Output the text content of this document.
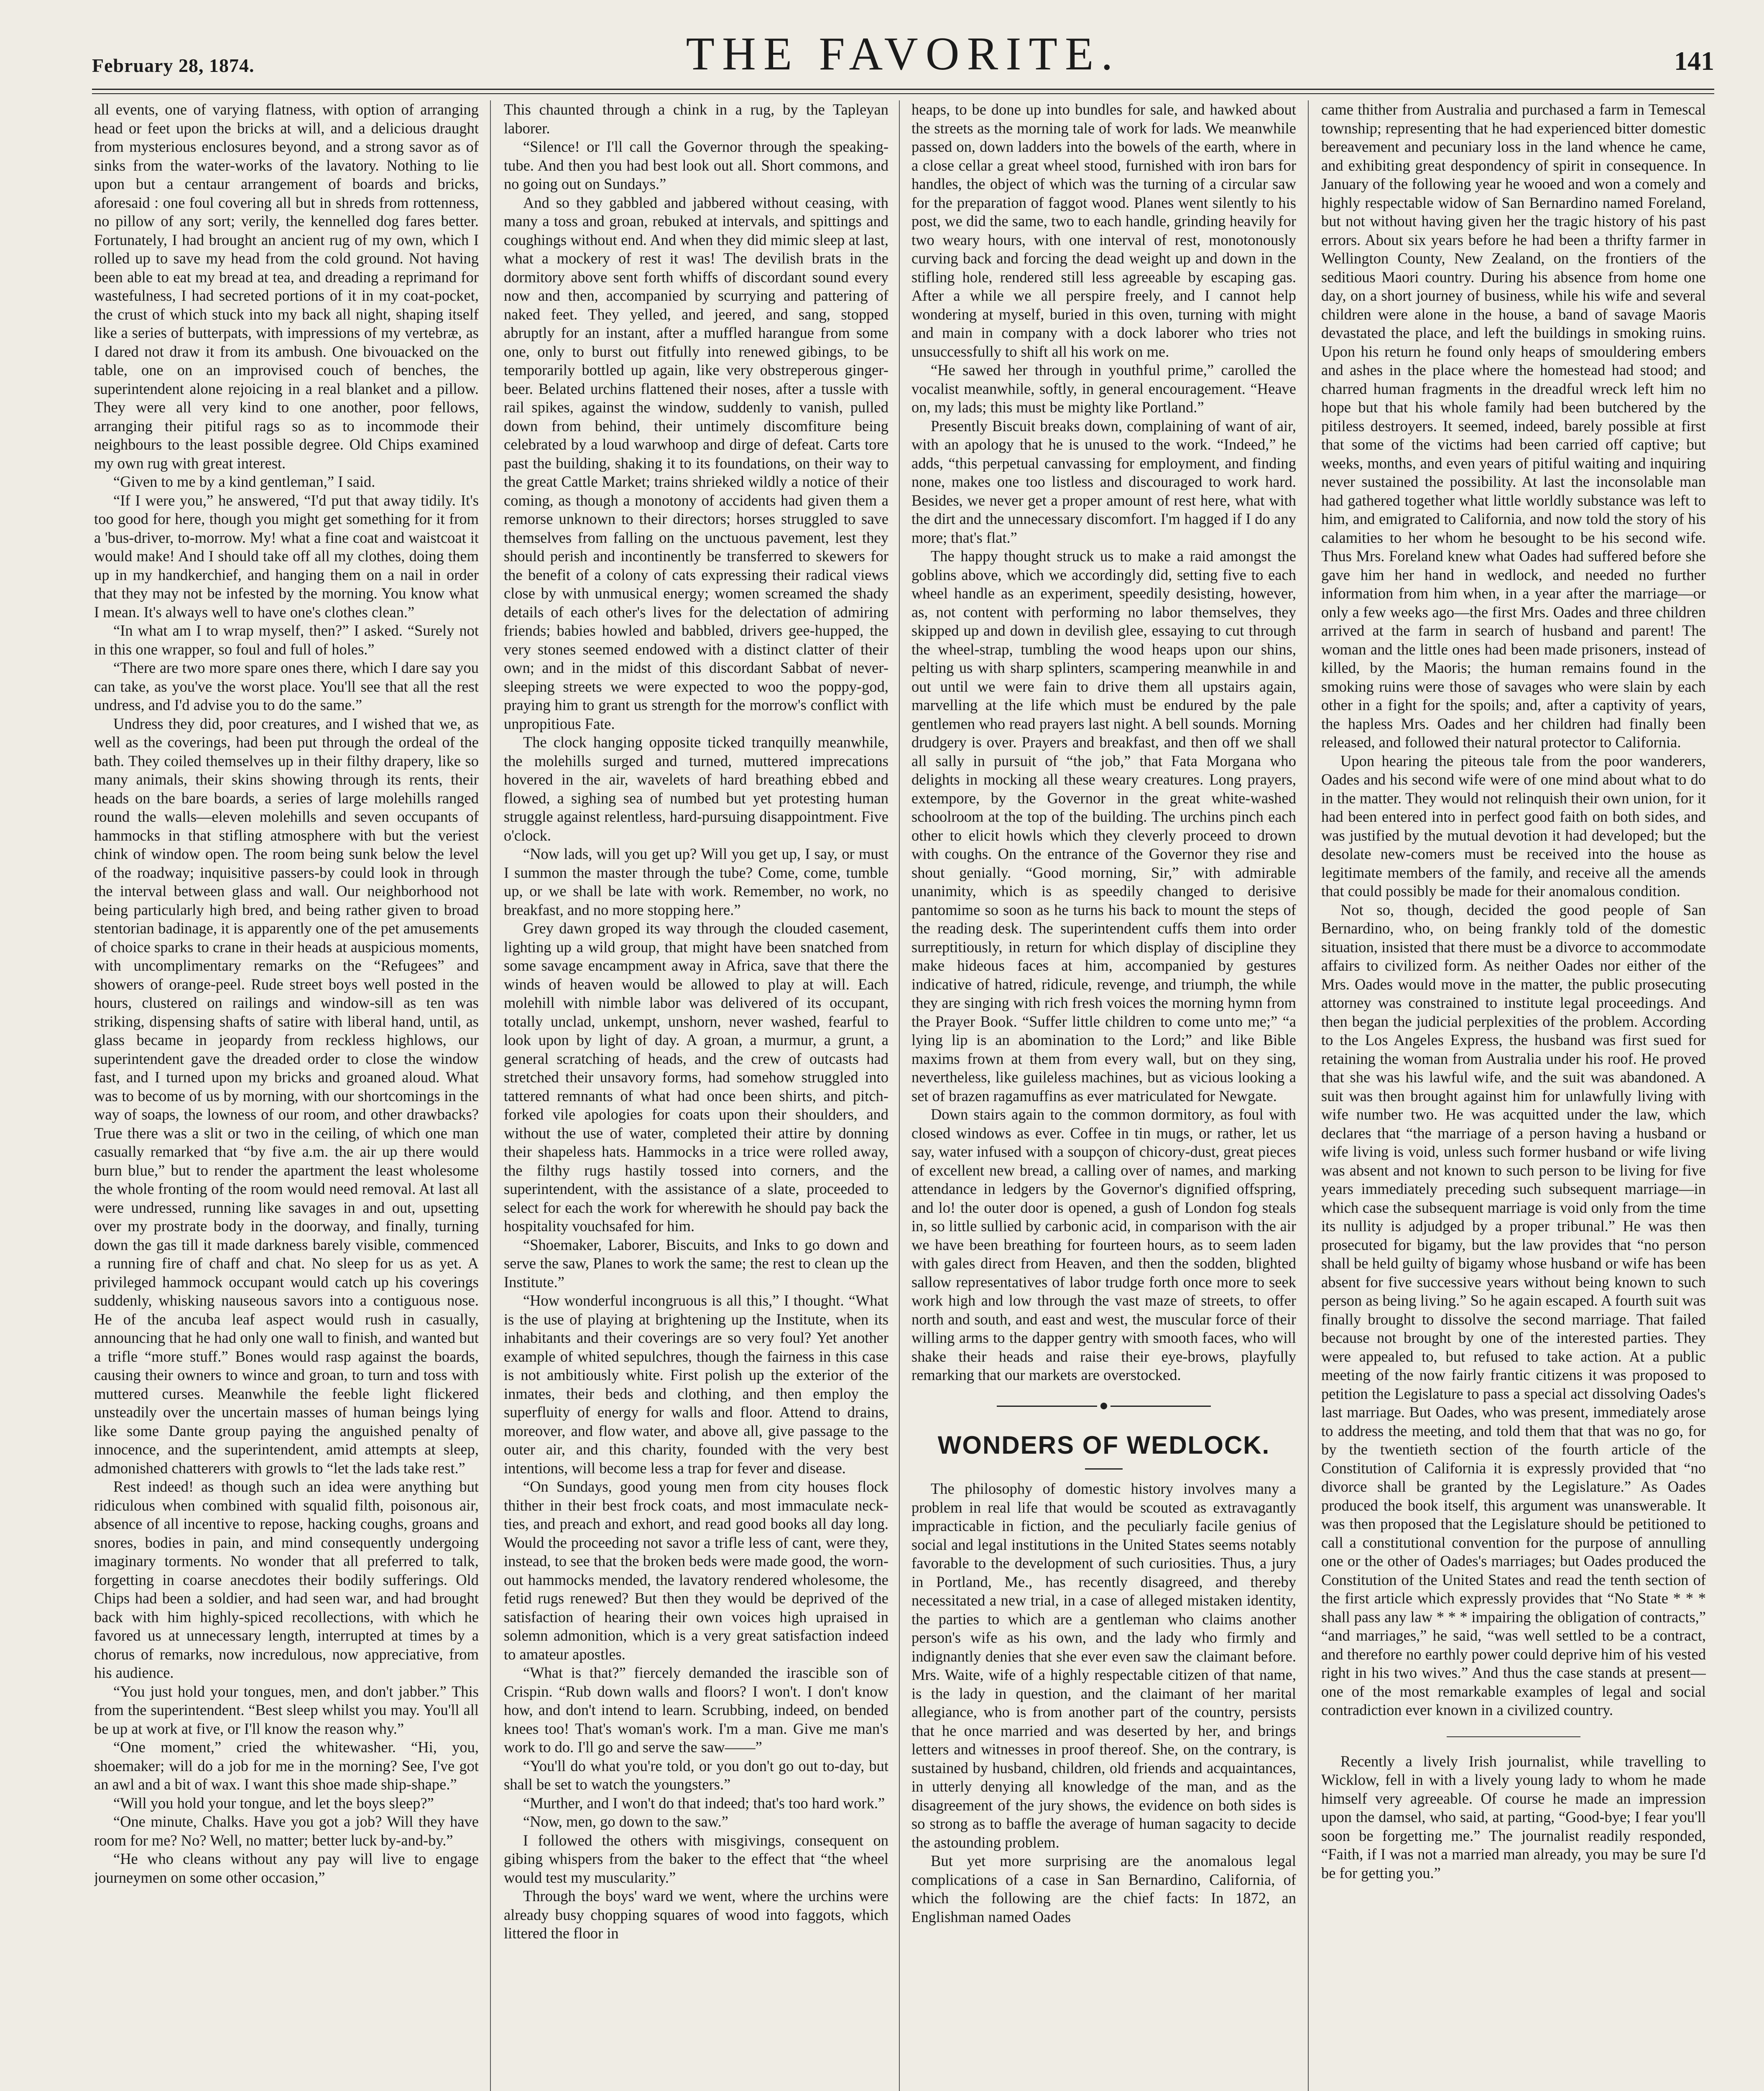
February 28, 1874.	THE FAVORITE.	141

all events, one of varying flatness, with option of arranging head or feet upon the bricks at will, and a delicious draught from mysterious enclosures beyond, and a strong savor as of sinks from the water-works of the lavatory. Nothing to lie upon but a centaur arrangement of boards and bricks, aforesaid : one foul covering all but in shreds from rottenness, no pillow of any sort; verily, the kennelled dog fares better. Fortunately, I had brought an ancient rug of my own, which I rolled up to save my head from the cold ground. Not having been able to eat my bread at tea, and dreading a reprimand for wastefulness, I had secreted portions of it in my coat-pocket, the crust of which stuck into my back all night, shaping itself like a series of butterpats, with impressions of my vertebræ, as I dared not draw it from its ambush. One bivouacked on the table, one on an improvised couch of benches, the superintendent alone rejoicing in a real blanket and a pillow. They were all very kind to one another, poor fellows, arranging their pitiful rags so as to incommode their neighbours to the least possible degree. Old Chips examined my own rug with great interest.

“Given to me by a kind gentleman,” I said.

“If I were you,” he answered, “I'd put that away tidily. It's too good for here, though you might get something for it from a 'bus-driver, to-morrow. My! what a fine coat and waistcoat it would make! And I should take off all my clothes, doing them up in my handkerchief, and hanging them on a nail in order that they may not be infested by the morning. You know what I mean. It's always well to have one's clothes clean.”

“In what am I to wrap myself, then?” I asked. “Surely not in this one wrapper, so foul and full of holes.”

“There are two more spare ones there, which I dare say you can take, as you've the worst place. You'll see that all the rest undress, and I'd advise you to do the same.”

Undress they did, poor creatures, and I wished that we, as well as the coverings, had been put through the ordeal of the bath. They coiled themselves up in their filthy drapery, like so many animals, their skins showing through its rents, their heads on the bare boards, a series of large molehills ranged round the walls—eleven molehills and seven occupants of hammocks in that stifling atmosphere with but the veriest chink of window open. The room being sunk below the level of the roadway; inquisitive passers-by could look in through the interval between glass and wall. Our neighborhood not being particularly high bred, and being rather given to broad stentorian badinage, it is apparently one of the pet amusements of choice sparks to crane in their heads at auspicious moments, with uncomplimentary remarks on the “Refugees” and showers of orange-peel. Rude street boys well posted in the hours, clustered on railings and window-sill as ten was striking, dispensing shafts of satire with liberal hand, until, as glass became in jeopardy from reckless highlows, our superintendent gave the dreaded order to close the window fast, and I turned upon my bricks and groaned aloud. What was to become of us by morning, with our shortcomings in the way of soaps, the lowness of our room, and other drawbacks? True there was a slit or two in the ceiling, of which one man casually remarked that “by five a.m. the air up there would burn blue,” but to render the apartment the least wholesome the whole fronting of the room would need removal. At last all were undressed, running like savages in and out, upsetting over my prostrate body in the doorway, and finally, turning down the gas till it made darkness barely visible, commenced a running fire of chaff and chat. No sleep for us as yet. A privileged hammock occupant would catch up his coverings suddenly, whisking nauseous savors into a contiguous nose. He of the ancuba leaf aspect would rush in casually, announcing that he had only one wall to finish, and wanted but a trifle “more stuff.” Bones would rasp against the boards, causing their owners to wince and groan, to turn and toss with muttered curses. Meanwhile the feeble light flickered unsteadily over the uncertain masses of human beings lying like some Dante group paying the anguished penalty of innocence, and the superintendent, amid attempts at sleep, admonished chatterers with growls to “let the lads take rest.”

Rest indeed! as though such an idea were anything but ridiculous when combined with squalid filth, poisonous air, absence of all incentive to repose, hacking coughs, groans and snores, bodies in pain, and mind consequently undergoing imaginary torments. No wonder that all preferred to talk, forgetting in coarse anecdotes their bodily sufferings. Old Chips had been a soldier, and had seen war, and had brought back with him highly-spiced recollections, with which he favored us at unnecessary length, interrupted at times by a chorus of remarks, now incredulous, now appreciative, from his audience.

“You just hold your tongues, men, and don't jabber.” This from the superintendent. “Best sleep whilst you may. You'll all be up at work at five, or I'll know the reason why.”

“One moment,” cried the whitewasher. “Hi, you, shoemaker; will do a job for me in the morning? See, I've got an awl and a bit of wax. I want this shoe made ship-shape.”

“Will you hold your tongue, and let the boys sleep?”

“One minute, Chalks. Have you got a job? Will they have room for me? No? Well, no matter; better luck by-and-by.”

“He who cleans without any pay will live to engage journeymen on some other occasion,”

This chaunted through a chink in a rug, by the Tapleyan laborer.

“Silence! or I'll call the Governor through the speaking-tube. And then you had best look out all. Short commons, and no going out on Sundays.”

And so they gabbled and jabbered without ceasing, with many a toss and groan, rebuked at intervals, and spittings and coughings without end. And when they did mimic sleep at last, what a mockery of rest it was! The devilish brats in the dormitory above sent forth whiffs of discordant sound every now and then, accompanied by scurrying and pattering of naked feet. They yelled, and jeered, and sang, stopped abruptly for an instant, after a muffled harangue from some one, only to burst out fitfully into renewed gibings, to be temporarily bottled up again, like very obstreperous ginger-beer. Belated urchins flattened their noses, after a tussle with rail spikes, against the window, suddenly to vanish, pulled down from behind, their untimely discomfiture being celebrated by a loud warwhoop and dirge of defeat. Carts tore past the building, shaking it to its foundations, on their way to the great Cattle Market; trains shrieked wildly a notice of their coming, as though a monotony of accidents had given them a remorse unknown to their directors; horses struggled to save themselves from falling on the unctuous pavement, lest they should perish and incontinently be transferred to skewers for the benefit of a colony of cats expressing their radical views close by with unmusical energy; women screamed the shady details of each other's lives for the delectation of admiring friends; babies howled and babbled, drivers gee-hupped, the very stones seemed endowed with a distinct clatter of their own; and in the midst of this discordant Sabbat of never-sleeping streets we were expected to woo the poppy-god, praying him to grant us strength for the morrow's conflict with unpropitious Fate.

The clock hanging opposite ticked tranquilly meanwhile, the molehills surged and turned, muttered imprecations hovered in the air, wavelets of hard breathing ebbed and flowed, a sighing sea of numbed but yet protesting human struggle against relentless, hard-pursuing disappointment. Five o'clock.

“Now lads, will you get up? Will you get up, I say, or must I summon the master through the tube? Come, come, tumble up, or we shall be late with work. Remember, no work, no breakfast, and no more stopping here.”

Grey dawn groped its way through the clouded casement, lighting up a wild group, that might have been snatched from some savage encampment away in Africa, save that there the winds of heaven would be allowed to play at will. Each molehill with nimble labor was delivered of its occupant, totally unclad, unkempt, unshorn, never washed, fearful to look upon by light of day. A groan, a murmur, a grunt, a general scratching of heads, and the crew of outcasts had stretched their unsavory forms, had somehow struggled into tattered remnants of what had once been shirts, and pitch-forked vile apologies for coats upon their shoulders, and without the use of water, completed their attire by donning their shapeless hats. Hammocks in a trice were rolled away, the filthy rugs hastily tossed into corners, and the superintendent, with the assistance of a slate, proceeded to select for each the work for wherewith he should pay back the hospitality vouchsafed for him.

“Shoemaker, Laborer, Biscuits, and Inks to go down and serve the saw, Planes to work the same; the rest to clean up the Institute.”

“How wonderful incongruous is all this,” I thought. “What is the use of playing at brightening up the Institute, when its inhabitants and their coverings are so very foul? Yet another example of whited sepulchres, though the fairness in this case is not ambitiously white. First polish up the exterior of the inmates, their beds and clothing, and then employ the superfluity of energy for walls and floor. Attend to drains, moreover, and flow water, and above all, give passage to the outer air, and this charity, founded with the very best intentions, will become less a trap for fever and disease.

“On Sundays, good young men from city houses flock thither in their best frock coats, and most immaculate neck-ties, and preach and exhort, and read good books all day long. Would the proceeding not savor a trifle less of cant, were they, instead, to see that the broken beds were made good, the worn-out hammocks mended, the lavatory rendered wholesome, the fetid rugs renewed? But then they would be deprived of the satisfaction of hearing their own voices high upraised in solemn admonition, which is a very great satisfaction indeed to amateur apostles.

“What is that?” fiercely demanded the irascible son of Crispin. “Rub down walls and floors? I won't. I don't know how, and don't intend to learn. Scrubbing, indeed, on bended knees too! That's woman's work. I'm a man. Give me man's work to do. I'll go and serve the saw——”

“You'll do what you're told, or you don't go out to-day, but shall be set to watch the youngsters.”

“Murther, and I won't do that indeed; that's too hard work.”

“Now, men, go down to the saw.”

I followed the others with misgivings, consequent on gibing whispers from the baker to the effect that “the wheel would test my muscularity.”

Through the boys' ward we went, where the urchins were already busy chopping squares of wood into faggots, which littered the floor in

heaps, to be done up into bundles for sale, and hawked about the streets as the morning tale of work for lads. We meanwhile passed on, down ladders into the bowels of the earth, where in a close cellar a great wheel stood, furnished with iron bars for handles, the object of which was the turning of a circular saw for the preparation of faggot wood. Planes went silently to his post, we did the same, two to each handle, grinding heavily for two weary hours, with one interval of rest, monotonously curving back and forcing the dead weight up and down in the stifling hole, rendered still less agreeable by escaping gas. After a while we all perspire freely, and I cannot help wondering at myself, buried in this oven, turning with might and main in company with a dock laborer who tries not unsuccessfully to shift all his work on me.

“He sawed her through in youthful prime,” carolled the vocalist meanwhile, softly, in general encouragement. “Heave on, my lads; this must be mighty like Portland.”

Presently Biscuit breaks down, complaining of want of air, with an apology that he is unused to the work. “Indeed,” he adds, “this perpetual canvassing for employment, and finding none, makes one too listless and discouraged to work hard. Besides, we never get a proper amount of rest here, what with the dirt and the unnecessary discomfort. I'm hagged if I do any more; that's flat.”

The happy thought struck us to make a raid amongst the goblins above, which we accordingly did, setting five to each wheel handle as an experiment, speedily desisting, however, as, not content with performing no labor themselves, they skipped up and down in devilish glee, essaying to cut through the wheel-strap, tumbling the wood heaps upon our shins, pelting us with sharp splinters, scampering meanwhile in and out until we were fain to drive them all upstairs again, marvelling at the life which must be endured by the pale gentlemen who read prayers last night. A bell sounds. Morning drudgery is over. Prayers and breakfast, and then off we shall all sally in pursuit of “the job,” that Fata Morgana who delights in mocking all these weary creatures. Long prayers, extempore, by the Governor in the great white-washed schoolroom at the top of the building. The urchins pinch each other to elicit howls which they cleverly proceed to drown with coughs. On the entrance of the Governor they rise and shout genially. “Good morning, Sir,” with admirable unanimity, which is as speedily changed to derisive pantomime so soon as he turns his back to mount the steps of the reading desk. The superintendent cuffs them into order surreptitiously, in return for which display of discipline they make hideous faces at him, accompanied by gestures indicative of hatred, ridicule, revenge, and triumph, the while they are singing with rich fresh voices the morning hymn from the Prayer Book. “Suffer little children to come unto me;” “a lying lip is an abomination to the Lord;” and like Bible maxims frown at them from every wall, but on they sing, nevertheless, like guileless machines, but as vicious looking a set of brazen ragamuffins as ever matriculated for Newgate.

Down stairs again to the common dormitory, as foul with closed windows as ever. Coffee in tin mugs, or rather, let us say, water infused with a soupçon of chicory-dust, great pieces of excellent new bread, a calling over of names, and marking attendance in ledgers by the Governor's dignified offspring, and lo! the outer door is opened, a gush of London fog steals in, so little sullied by carbonic acid, in comparison with the air we have been breathing for fourteen hours, as to seem laden with gales direct from Heaven, and then the sodden, blighted sallow representatives of labor trudge forth once more to seek work high and low through the vast maze of streets, to offer north and south, and east and west, the muscular force of their willing arms to the dapper gentry with smooth faces, who will shake their heads and raise their eye-brows, playfully remarking that our markets are overstocked.

WONDERS OF WEDLOCK.

The philosophy of domestic history involves many a problem in real life that would be scouted as extravagantly impracticable in fiction, and the peculiarly facile genius of social and legal institutions in the United States seems notably favorable to the development of such curiosities. Thus, a jury in Portland, Me., has recently disagreed, and thereby necessitated a new trial, in a case of alleged mistaken identity, the parties to which are a gentleman who claims another person's wife as his own, and the lady who firmly and indignantly denies that she ever even saw the claimant before. Mrs. Waite, wife of a highly respectable citizen of that name, is the lady in question, and the claimant of her marital allegiance, who is from another part of the country, persists that he once married and was deserted by her, and brings letters and witnesses in proof thereof. She, on the contrary, is sustained by husband, children, old friends and acquaintances, in utterly denying all knowledge of the man, and as the disagreement of the jury shows, the evidence on both sides is so strong as to baffle the average of human sagacity to decide the astounding problem.

But yet more surprising are the anomalous legal complications of a case in San Bernardino, California, of which the following are the chief facts: In 1872, an Englishman named Oades

came thither from Australia and purchased a farm in Temescal township; representing that he had experienced bitter domestic bereavement and pecuniary loss in the land whence he came, and exhibiting great despondency of spirit in consequence. In January of the following year he wooed and won a comely and highly respectable widow of San Bernardino named Foreland, but not without having given her the tragic history of his past errors. About six years before he had been a thrifty farmer in Wellington County, New Zealand, on the frontiers of the seditious Maori country. During his absence from home one day, on a short journey of business, while his wife and several children were alone in the house, a band of savage Maoris devastated the place, and left the buildings in smoking ruins. Upon his return he found only heaps of smouldering embers and ashes in the place where the homestead had stood; and charred human fragments in the dreadful wreck left him no hope but that his whole family had been butchered by the pitiless destroyers. It seemed, indeed, barely possible at first that some of the victims had been carried off captive; but weeks, months, and even years of pitiful waiting and inquiring never sustained the possibility. At last the inconsolable man had gathered together what little worldly substance was left to him, and emigrated to California, and now told the story of his calamities to her whom he besought to be his second wife. Thus Mrs. Foreland knew what Oades had suffered before she gave him her hand in wedlock, and needed no further information from him when, in a year after the marriage—or only a few weeks ago—the first Mrs. Oades and three children arrived at the farm in search of husband and parent! The woman and the little ones had been made prisoners, instead of killed, by the Maoris; the human remains found in the smoking ruins were those of savages who were slain by each other in a fight for the spoils; and, after a captivity of years, the hapless Mrs. Oades and her children had finally been released, and followed their natural protector to California.

Upon hearing the piteous tale from the poor wanderers, Oades and his second wife were of one mind about what to do in the matter. They would not relinquish their own union, for it had been entered into in perfect good faith on both sides, and was justified by the mutual devotion it had developed; but the desolate new-comers must be received into the house as legitimate members of the family, and receive all the amends that could possibly be made for their anomalous condition.

Not so, though, decided the good people of San Bernardino, who, on being frankly told of the domestic situation, insisted that there must be a divorce to accommodate affairs to civilized form. As neither Oades nor either of the Mrs. Oades would move in the matter, the public prosecuting attorney was constrained to institute legal proceedings. And then began the judicial perplexities of the problem. According to the Los Angeles Express, the husband was first sued for retaining the woman from Australia under his roof. He proved that she was his lawful wife, and the suit was abandoned. A suit was then brought against him for unlawfully living with wife number two. He was acquitted under the law, which declares that “the marriage of a person having a husband or wife living is void, unless such former husband or wife living was absent and not known to such person to be living for five years immediately preceding such subsequent marriage—in which case the subsequent marriage is void only from the time its nullity is adjudged by a proper tribunal.” He was then prosecuted for bigamy, but the law provides that “no person shall be held guilty of bigamy whose husband or wife has been absent for five successive years without being known to such person as being living.” So he again escaped. A fourth suit was finally brought to dissolve the second marriage. That failed because not brought by one of the interested parties. They were appealed to, but refused to take action. At a public meeting of the now fairly frantic citizens it was proposed to petition the Legislature to pass a special act dissolving Oades's last marriage. But Oades, who was present, immediately arose to address the meeting, and told them that that was no go, for by the twentieth section of the fourth article of the Constitution of California it is expressly provided that “no divorce shall be granted by the Legislature.” As Oades produced the book itself, this argument was unanswerable. It was then proposed that the Legislature should be petitioned to call a constitutional convention for the purpose of annulling one or the other of Oades's marriages; but Oades produced the Constitution of the United States and read the tenth section of the first article which expressly provides that “No State * * * shall pass any law * * * impairing the obligation of contracts,” “and marriages,” he said, “was well settled to be a contract, and therefore no earthly power could deprive him of his vested right in his two wives.” And thus the case stands at present—one of the most remarkable examples of legal and social contradiction ever known in a civilized country.

Recently a lively Irish journalist, while travelling to Wicklow, fell in with a lively young lady to whom he made himself very agreeable. Of course he made an impression upon the damsel, who said, at parting, “Good-bye; I fear you'll soon be forgetting me.” The journalist readily responded, “Faith, if I was not a married man already, you may be sure I'd be for getting you.”
